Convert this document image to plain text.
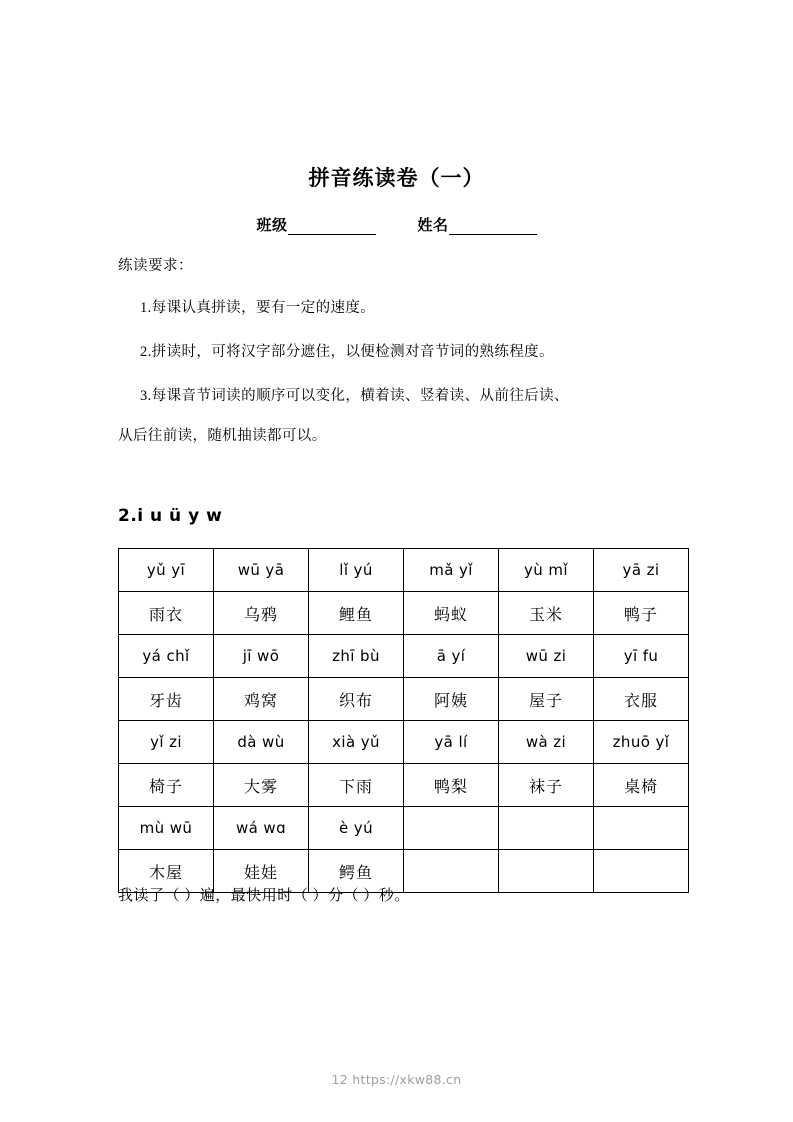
拼音练读卷（一）
班级	姓名
练读要求：
1.每课认真拼读，要有一定的速度。
2.拼读时，可将汉字部分遮住，以便检测对音节词的熟练程度。
3.每课音节词读的顺序可以变化，横着读、竖着读、从前往后读、
从后往前读，随机抽读都可以。
2.i u ü y w
yǔ yī	wū yā	lǐ yú	mǎ yǐ	yù mǐ	yā zi
雨衣	乌鸦	鲤鱼	蚂蚁	玉米	鸭子
yá chǐ	jī wō	zhī bù	ā yí	wū zi	yī fu
牙齿	鸡窝	织布	阿姨	屋子	衣服
yǐ zi	dà wù	xià yǔ	yā lí	wà zi	zhuō yǐ
椅子	大雾	下雨	鸭梨	袜子	桌椅
mù wū	wá wɑ	è yú			
木屋	娃娃	鳄鱼			
我读了（ ）遍，最快用时（ ）分（ ）秒。
12 https://xkw88.cn
